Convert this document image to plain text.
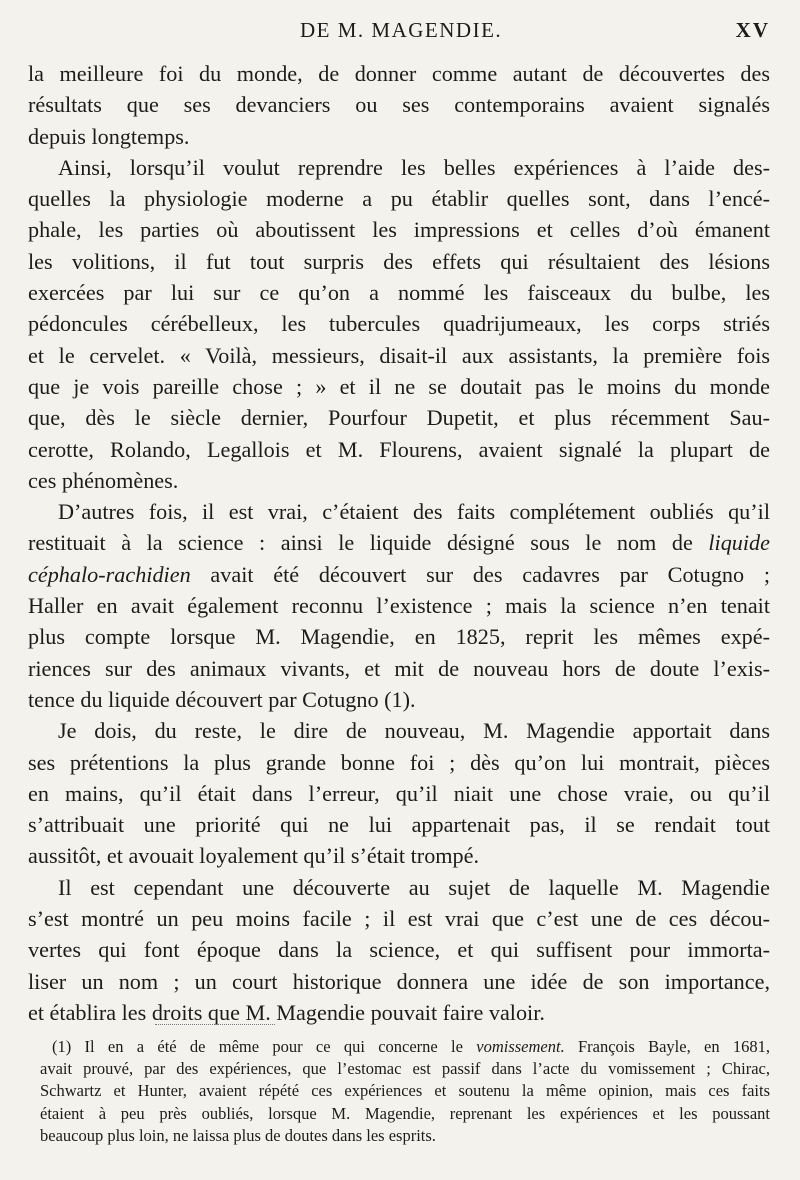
DE M. MAGENDIE.	XV
la meilleure foi du monde, de donner comme autant de découvertes des
résultats que ses devanciers ou ses contemporains avaient signalés
depuis longtemps.
Ainsi, lorsqu’il voulut reprendre les belles expériences à l’aide des-
quelles la physiologie moderne a pu établir quelles sont, dans l’encé-
phale, les parties où aboutissent les impressions et celles d’où émanent
les volitions, il fut tout surpris des effets qui résultaient des lésions
exercées par lui sur ce qu’on a nommé les faisceaux du bulbe, les
pédoncules cérébelleux, les tubercules quadrijumeaux, les corps striés
et le cervelet. « Voilà, messieurs, disait-il aux assistants, la première fois
que je vois pareille chose ; » et il ne se doutait pas le moins du monde
que, dès le siècle dernier, Pourfour Dupetit, et plus récemment Sau-
cerotte, Rolando, Legallois et M. Flourens, avaient signalé la plupart de
ces phénomènes.
D’autres fois, il est vrai, c’étaient des faits complétement oubliés qu’il
restituait à la science : ainsi le liquide désigné sous le nom de liquide
céphalo-rachidien avait été découvert sur des cadavres par Cotugno ;
Haller en avait également reconnu l’existence ; mais la science n’en tenait
plus compte lorsque M. Magendie, en 1825, reprit les mêmes expé-
riences sur des animaux vivants, et mit de nouveau hors de doute l’exis-
tence du liquide découvert par Cotugno (1).
Je dois, du reste, le dire de nouveau, M. Magendie apportait dans
ses prétentions la plus grande bonne foi ; dès qu’on lui montrait, pièces
en mains, qu’il était dans l’erreur, qu’il niait une chose vraie, ou qu’il
s’attribuait une priorité qui ne lui appartenait pas, il se rendait tout
aussitôt, et avouait loyalement qu’il s’était trompé.
Il est cependant une découverte au sujet de laquelle M. Magendie
s’est montré un peu moins facile ; il est vrai que c’est une de ces décou-
vertes qui font époque dans la science, et qui suffisent pour immorta-
liser un nom ; un court historique donnera une idée de son importance,
et établira les droits que M. Magendie pouvait faire valoir.
(1) Il en a été de même pour ce qui concerne le vomissement. François Bayle, en 1681,
avait prouvé, par des expériences, que l’estomac est passif dans l’acte du vomissement ; Chirac,
Schwartz et Hunter, avaient répété ces expériences et soutenu la même opinion, mais ces faits
étaient à peu près oubliés, lorsque M. Magendie, reprenant les expériences et les poussant
beaucoup plus loin, ne laissa plus de doutes dans les esprits.
